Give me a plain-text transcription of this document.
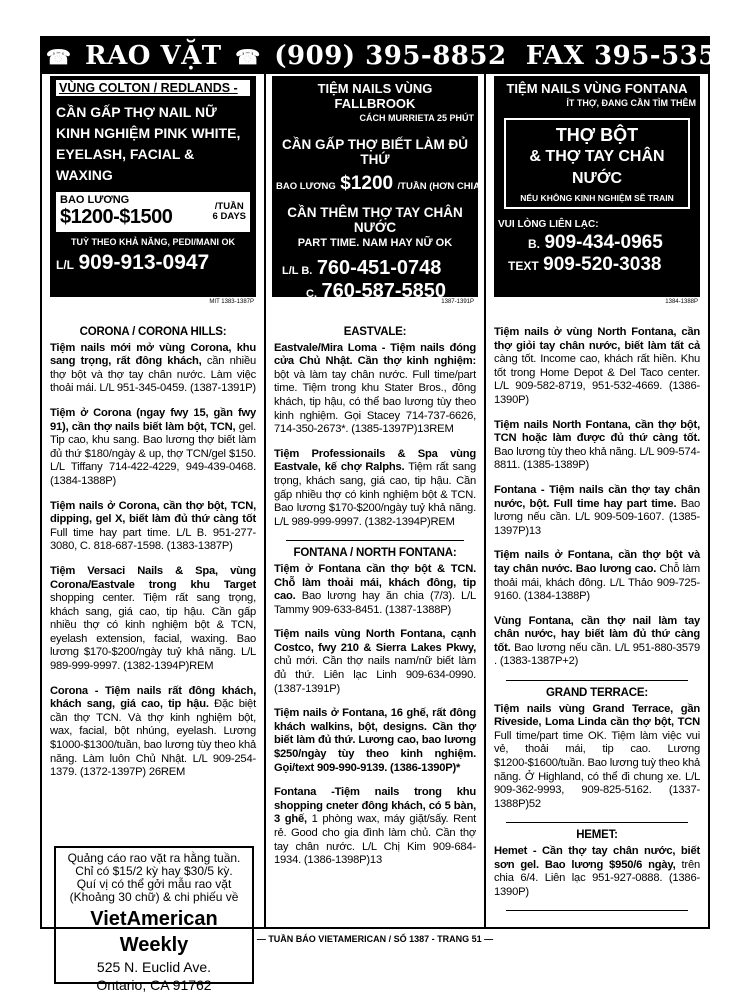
☎ RAO VẶT ☎ (909) 395-8852 FAX 395-5357
VÙNG COLTON / REDLANDS -
CẦN GẤP THỢ NAIL NỮ
KINH NGHIỆM PINK WHITE,
EYELASH, FACIAL & WAXING
BAO LƯƠNG
$1200-$1500	/TUẦN
6 DAYS
TUỲ THEO KHẢ NĂNG, PEDI/MANI OK
L/L 909-913-0947
MIT 1383-1387P
CORONA / CORONA HILLS:
Tiệm nails mới mở vùng Corona, khu sang trọng, rất đông khách, cần nhiều thợ bột và thợ tay chân nước. Làm việc thoải mái. L/L 951-345-0459. (1387-1391P)
Tiệm ở Corona (ngay fwy 15, gần fwy 91), cần thợ nails biết làm bột, TCN, gel. Tip cao, khu sang. Bao lương thợ biết làm đủ thứ $180/ngày & up, thợ TCN/gel $150. L/L Tiffany 714-422-4229, 949-439-0468. (1384-1388P)
Tiệm nails ở Corona, cần thợ bột, TCN, dipping, gel X, biết làm đủ thứ càng tốt Full time hay part time. L/L B. 951-277-3080, C. 818-687-1598. (1383-1387P)
Tiệm Versaci Nails & Spa, vùng Corona/Eastvale trong khu Target shopping center. Tiệm rất sang trọng, khách sang, giá cao, tip hậu. Cần gấp nhiều thợ có kinh nghiệm bột & TCN, eyelash extension, facial, waxing. Bao lương $170-$200/ngày tuỷ khả năng. L/L 989-999-9997. (1382-1394P)REM
Corona - Tiệm nails rất đông khách, khách sang, giá cao, tip hậu. Đặc biệt cần thợ TCN. Và thợ kinh nghiệm bột, wax, facial, bột nhúng, eyelash. Lương $1000-$1300/tuần, bao lương tùy theo khả năng. Làm luôn Chủ Nhật. L/L 909-254-1379. (1372-1397P) 26REM
Quảng cáo rao vặt ra hằng tuần.
Chỉ có $15/2 kỳ hay $30/5 kỳ.
Quí vị có thể gởi mẫu rao vặt
(Khoảng 30 chữ) & chi phiếu về
VietAmerican Weekly
525 N. Euclid Ave.
Ontario, CA 91762
TIỆM NAILS VÙNG FALLBROOK
CÁCH MURRIETA 25 PHÚT
CẦN GẤP THỢ BIẾT LÀM ĐỦ THỨ
BAO LƯƠNG $1200 /TUẦN (HƠN CHIA)
CẦN THÊM THỢ TAY CHÂN NƯỚC
PART TIME. NAM HAY NỮ OK
L/L B. 760-451-0748
C. 760-587-5850
1387-1391P
EASTVALE:
Eastvale/Mira Loma - Tiệm nails đóng cửa Chủ Nhật. Cần thợ kinh nghiệm: bột và làm tay chân nước. Full time/part time. Tiệm trong khu Stater Bros., đông khách, tip hậu, có thể bao lương tùy theo kinh nghiệm. Gọi Stacey 714-737-6626, 714-350-2673*. (1385-1397P)13REM
Tiệm Professionails & Spa vùng Eastvale, kế chợ Ralphs. Tiệm rất sang trọng, khách sang, giá cao, tip hậu. Cần gấp nhiều thợ có kinh nghiệm bột & TCN. Bao lương $170-$200/ngày tuỷ khả năng. L/L 989-999-9997. (1382-1394P)REM
FONTANA / NORTH FONTANA:
Tiệm ở Fontana cần thợ bột & TCN. Chỗ làm thoải mái, khách đông, tip cao. Bao lương hay ăn chia (7/3). L/L Tammy 909-633-8451. (1387-1388P)
Tiệm nails vùng North Fontana, cạnh Costco, fwy 210 & Sierra Lakes Pkwy, chủ mới. Cần thợ nails nam/nữ biết làm đủ thứ. Liên lạc Linh 909-634-0990. (1387-1391P)
Tiệm nails ở Fontana, 16 ghế, rất đông khách walkins, bột, designs. Cần thợ biết làm đủ thứ. Lương cao, bao lương $250/ngày tùy theo kinh nghiệm. Gọi/text 909-990-9139. (1386-1390P)*
Fontana -Tiệm nails trong khu shopping cneter đông khách, có 5 bàn, 3 ghế, 1 phòng wax, máy giặt/sấy. Rent rẻ. Good cho gia đình làm chủ. Cần thợ tay chân nước. L/L Chị Kim 909-684-1934. (1386-1398P)13
TIỆM NAILS VÙNG FONTANA
ÍT THỢ, ĐANG CẦN TÌM THÊM
THỢ BỘT
& THỢ TAY CHÂN NƯỚC
NẾU KHÔNG KINH NGHIỆM SẼ TRAIN
VUI LÒNG LIÊN LẠC:
B. 909-434-0965
TEXT 909-520-3038
1384-1388P
Tiệm nails ở vùng North Fontana, cần thợ giỏi tay chân nước, biết làm tất cả càng tốt. Income cao, khách rất hiền. Khu tốt trong Home Depot & Del Taco center. L/L 909-582-8719, 951-532-4669. (1386-1390P)
Tiệm nails North Fontana, cần thợ bột, TCN hoặc làm được đủ thứ càng tốt. Bao lương tùy theo khả năng. L/L 909-574-8811. (1385-1389P)
Fontana - Tiệm nails cần thợ tay chân nước, bột. Full time hay part time. Bao lương nếu cần. L/L 909-509-1607. (1385-1397P)13
Tiệm nails ở Fontana, cần thợ bột và tay chân nước. Bao lương cao. Chỗ làm thoải mái, khách đông. L/L Thảo 909-725-9160. (1384-1388P)
Vùng Fontana, cần thợ nail làm tay chân nước, hay biết làm đủ thứ càng tốt. Bao lương nếu cần. L/L 951-880-3579 . (1383-1387P+2)
GRAND TERRACE:
Tiệm nails vùng Grand Terrace, gần Riveside, Loma Linda cần thợ bột, TCN Full time/part time OK. Tiệm làm việc vui vẻ, thoải mái, tip cao. Lương $1200-$1600/tuần. Bao lương tuỳ theo khả năng. Ở Highland, có thể đi chung xe. L/L 909-362-9993, 909-825-5162. (1337-1388P)52
HEMET:
Hemet - Cần thợ tay chân nước, biết sơn gel. Bao lương $950/6 ngày, trên chia 6/4. Liên lạc 951-927-0888. (1386-1390P)
— TUẦN BÁO VIETAMERICAN / SỐ 1387 - TRANG 51 —
